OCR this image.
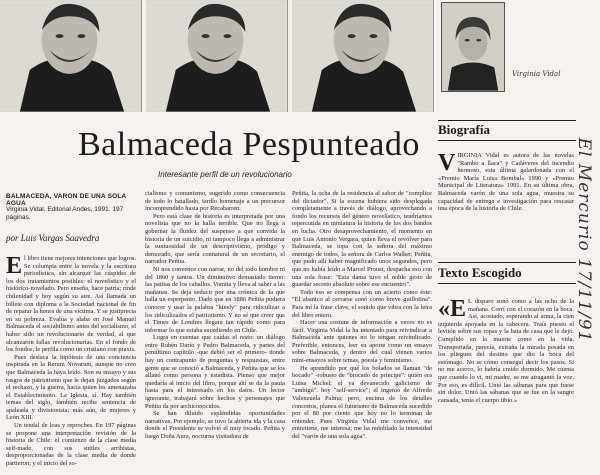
Virginia Vidal
Balmaceda Pespunteado
Interesante perfil de un revolucionario
BALMACEDA, VARON DE UNA SOLA AGUA
Virginia Vidal. Editorial Andes, 1991. 197 páginas.
por Luis Vargas Saavedra

El libro tiene mejores intenciones que logros. Se columpia entre la novela y la escritura periodística, sin alcanzar las cúspides de los dos tratamientos posibles: el novelístico y el histórico-novelado. Pero enseña, hace patria; rinde chilenidad y hoy según su aire. Así llamada un billete con diploma a la Sociedad nacional de fin de reparar la honra de una víctima. Y se justiprecia en su pobreza. Evalúa y alaba en José Manuel Balmaceda el sociabilismo antes del socialismo, el haber sido un revolucionario de verdad, al que alcanzaron fallas revolucionarias. En el fondo de los fondos, le perfila como un cristiano con praxis.

Pues destaca la hipótesis de una conciencia inspirada en la Rerum Novarum, aunque no creo que Balmaceda la haya leído. Son su ensayo y sus rasgos de patriotismo que le dejan juzgados según el rechazo, y la guerra, hacia quien les amenazaba el Establecimiento. La Iglesia, sí. Hay también temas del siglo, también recibe sentencia de apaleada y divisionista; más aún, de mujeres y León XIII.

Un tendal de loas y reproches. En 197 páginas se propone una interpretación revisión de la historia de Chile: el comienzo de la clase media self-made, con sus sutiles arribistas, desproporcionadas de la clase media de donde partieron; y el inicio del so-

cialismo y comunismo, sugerido como consecuencia de todo lo batallado, tardío homenaje a un precursor incomprendido hasta por Recabarren.

Pero está clase de historia es interpretada por una novelista que no la halla terrible. Que no llega a gobernar la fluidez del suspenso a que convida la historia de un suicidio, ni tampoco llega a administrar la suntuosidad de un descriptivismo, pródigo y demorado, que sería connatural de un secretario, el narrador Peñita.

Ni nos convence con narrar, no del todo hombre ni del 1860 y tantos. Un diminutivo demasiado tierno: las patitas de los caballos. Vomita y lleva al saber a las mañanas. Se deja seducir por una crónica de la que halla un esperpento. Dado que en 1886 Peñita pudiera conocer y usar la palabra "kinsly" para ridiculizar a los ridiculizados el patriotismo. Y no sé que creer que el Times de Londres llegara tan rápido como para informar lo que estaba sucediendo en Chile.

Logra en cuentas que caídas el resto: un diálogo entre Rubén Darío y Pedro Balmaceda, y partes del penúltimo capítulo -que debió ser el primero- donde hay un contrapunto de preguntas y respuestas, entre gente que se conoció a Balmaceda, y Peñita que se los allanó como persona y estadista. Pienso que mejor quedaría al inicio del libro, porque ahí se da la pauta hasta para el interesado en los datos. Un lector ignorante, trabajará sobre hechos y personajes que Peñita da por archiconocidos.

Se han diluido espléndidas oportunidades narrativas. Por ejemplo, se tuvo la abierta ida y la casa donde el Presidente se volvió el muy tocado. Peñita y luego Doña Aura, nocturna visitadora de

Peñita, la ocha de la residencia al sabor de "complice del dictador". Si la escena hubiera sido desplegada completamente a través de diálogo, aprovechando a fondo los recursos del género novelístico, tendríamos repercutida en miniatura la historia de los dos bandos en lucha. Otro desaprovechamiento, el momento en que Luis Antonio Vergara, quien lleva el revólver para Balmaceda, se topa con la señora del máximo enemigo de todos, la señora de Carlos Walker. Peñita, que pudo allí haber magnificado unos segundos, pero que no había leído a Marcel Proust, despacha eso con una sola frase: "Esta dama tuvo el noble gesto de guardar secreto absoluto sobre ese encuentro".

Todo eso se compensa con un acierto como éste: "El abanico al cerrarse sonó como breve guillotina". Para mí la frase clave, el sonido que vibra con la letra del libro entero.

Hacer una costura de información a veces no es fácil. Virginia Vidal la ha intentado para reivindicar a Balmaceda ante quienes no lo tengan reivindicado. Preferible, entonces, leer su aporte como un ensayo sobre Balmaceda, y dentro del cual vienen varios mini-ensayos sobre temas, poesía y feminismo.

He aprendido por qué los bolados se llaman "de bocado" -robusto de "brocado de príncipe": quién era Luisa Michel; el ya devanecido galicismo de "ambigú". hoy "self-service"; el ingenio de Alfredo Valenzuela Palma; pero, encima de los detalles concretos, planea el futurismo de Balmaceda sucedido por el 80 por ciento que hoy no lo terminan de entender. Pues Virginia Vidal me convence, me entretiene, me interesa; me ha redoblado la intensidad del "varón de una sola agua".

Biografía

VIRGINIA Vidal es autora de las novelas "Rambo a llaca" y Cadáveres del incendio hermoso, esta última galardonada con el «Premio María Luisa Bombal» 1990 y «Premio Municipal de Literatura» 1991. En su última obra, Balmaceda varón de una sola agua, muestra su capacidad de entrega e investigación para rescatar una época de la historia de Chile.

Texto Escogido

«E L disparo sonó como a las ocho de la mañana. Corrí con el corazón en la boca. Así, acostado, esperando al arma, la cien izquierda apoyada en la cabecera. Traía puesto el levitón sobre sus ropas y la bata de casa que le dejó. Cumplido en la muerte como en la vida. Transportada, parecía, extraña la mirada posada en los pliegues del destino que dio la boca del estómago. No se cómo conseguí decir los pasos. Si no me acerco, lo habría creído dormido. Me cuenta que cuando lo vi, mi madre, se me atragantó la voz. Por eso, es difícil. Untó las sábanas para que fuese sin dolor. Untó las sábanas que se fue en la sangre cansada, tenía el cuerpo tibio.»

El Mercurio 17/11/91
